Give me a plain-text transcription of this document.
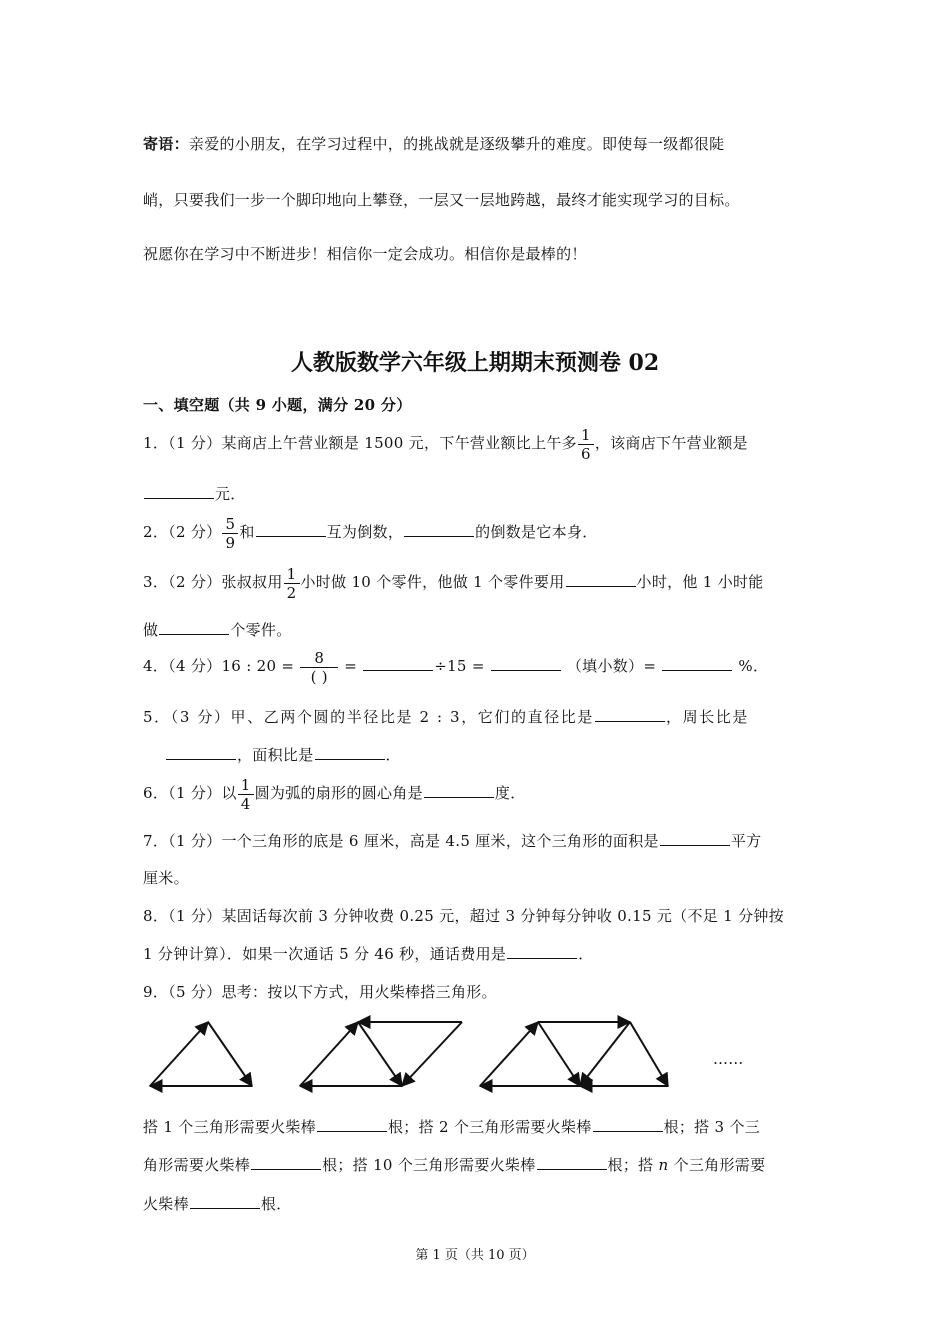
寄语：亲爱的小朋友，在学习过程中，的挑战就是逐级攀升的难度。即使每一级都很陡
峭，只要我们一步一个脚印地向上攀登，一层又一层地跨越，最终才能实现学习的目标。
祝愿你在学习中不断进步！相信你一定会成功。相信你是最棒的！
人教版数学六年级上期期末预测卷 02
一、填空题（共 9 小题，满分 20 分）
1．（1 分）某商店上午营业额是 1500 元，下午营业额比上午多 $\frac{1}{6}$ ，该商店下午营业额是
元．
2．（2 分） $\frac{5}{9}$ 和	互为倒数，	的倒数是它本身．
3．（2 分）张叔叔用 $\frac{1}{2}$ 小时做 10 个零件，他做 1 个零件要用	小时，他 1 小时能
做	个零件。
4．（4 分）16 : $20 = \frac{8}{( )}$ =	÷15 =	（填小数）=	%．
5．（3 分）甲、乙两个圆的半径比是 2 : 3，它们的直径比是	，周长比是
，面积比是	．
6．（1 分）以 $\frac{1}{4}$ 圆为弧的扇形的圆心角是	度．
7．（1 分）一个三角形的底是 6 厘米，高是 4.5 厘米，这个三角形的面积是	平方
厘米。
8．（1 分）某固话每次前 3 分钟收费 0.25 元，超过 3 分钟每分钟收 0.15 元（不足 1 分钟按
1 分钟计算）．如果一次通话 5 分 46 秒，通话费用是	．
9．（5 分）思考：按以下方式，用火柴棒搭三角形。
……
搭 1 个三角形需要火柴棒	根；搭 2 个三角形需要火柴棒	根；搭 3 个三
角形需要火柴棒	根；搭 10 个三角形需要火柴棒	根；搭 n 个三角形需要
火柴棒	根．
第 1 页（共 10 页）
